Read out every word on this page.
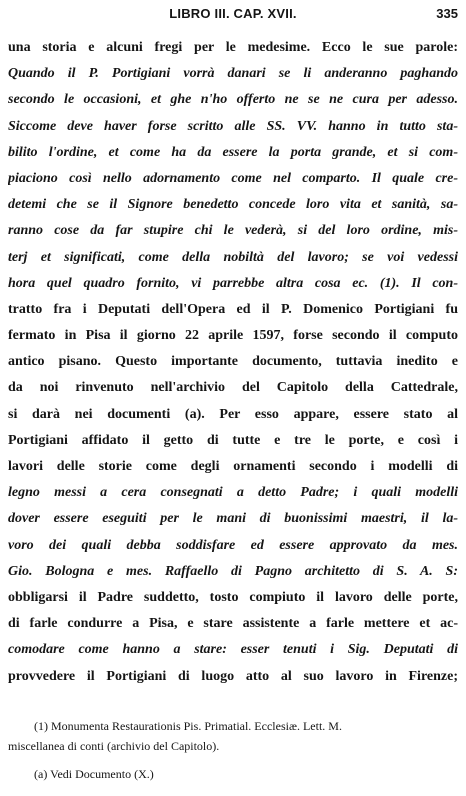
LIBRO III. CAP. XVII.	335
una storia e alcuni fregi per le medesime. Ecco le sue parole:
Quando il P. Portigiani vorrà danari se li anderanno paghando
secondo le occasioni, et ghe n'ho offerto ne se ne cura per adesso.
Siccome deve haver forse scritto alle SS. VV. hanno in tutto sta-
bilito l'ordine, et come ha da essere la porta grande, et si com-
piaciono così nello adornamento come nel comparto. Il quale cre-
detemi che se il Signore benedetto concede loro vita et sanità, sa-
ranno cose da far stupire chi le vederà, si del loro ordine, mis-
terj et significati, come della nobiltà del lavoro; se voi vedessi
hora quel quadro fornito, vi parrebbe altra cosa ec. (1). Il con-
tratto fra i Deputati dell'Opera ed il P. Domenico Portigiani fu
fermato in Pisa il giorno 22 aprile 1597, forse secondo il computo
antico pisano. Questo importante documento, tuttavia inedito e
da noi rinvenuto nell'archivio del Capitolo della Cattedrale,
si darà nei documenti (a). Per esso appare, essere stato al
Portigiani affidato il getto di tutte e tre le porte, e così i
lavori delle storie come degli ornamenti secondo i modelli di
legno messi a cera consegnati a detto Padre; i quali modelli
dover essere eseguiti per le mani di buonissimi maestri, il la-
voro dei quali debba soddisfare ed essere approvato da mes.
Gio. Bologna e mes. Raffaello di Pagno architetto di S. A. S:
obbligarsi il Padre suddetto, tosto compiuto il lavoro delle porte,
di farle condurre a Pisa, e stare assistente a farle mettere et ac-
comodare come hanno a stare: esser tenuti i Sig. Deputati di
provvedere il Portigiani di luogo atto al suo lavoro in Firenze;
(1) Monumenta Restaurationis Pis. Primatial. Ecclesiæ. Lett. M.
miscellanea di conti (archivio del Capitolo).
(a) Vedi Documento (X.)
